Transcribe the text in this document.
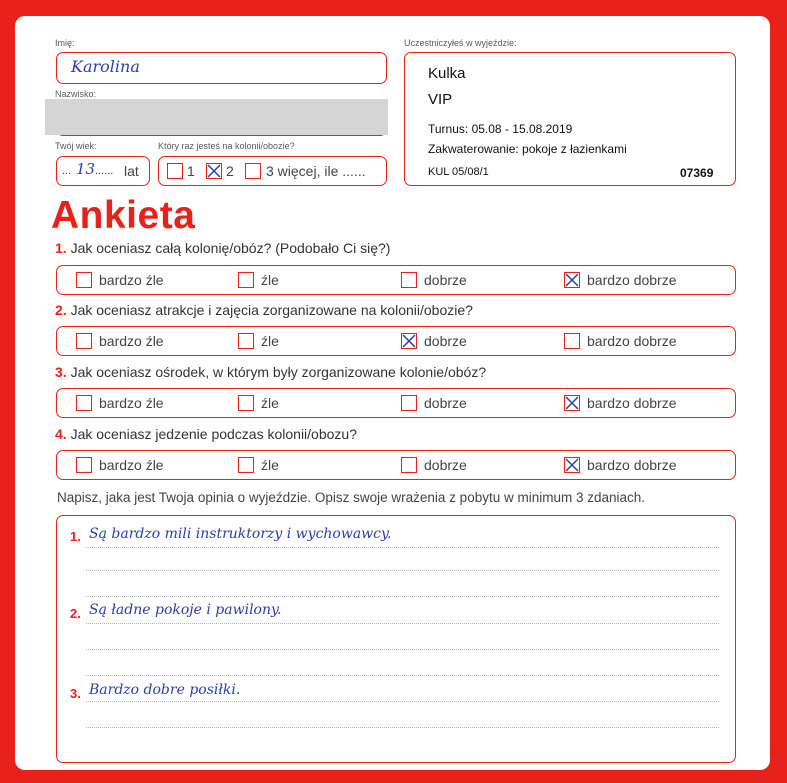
Imię:
Karolina
Nazwisko:
Twój wiek:
... 13 ...... lat
Który raz jesteś na kolonii/obozie?
1 2 3 więcej, ile ......
Uczestniczyłeś w wyjeździe:
Kulka
VIP
Turnus: 05.08 - 15.08.2019
Zakwaterowanie: pokoje z łazienkami
KUL 05/08/1	07369
Ankieta
1. Jak oceniasz całą kolonię/obóz? (Podobało Ci się?)
bardzo źle	źle	dobrze	bardzo dobrze
2. Jak oceniasz atrakcje i zajęcia zorganizowane na kolonii/obozie?
bardzo źle	źle	dobrze	bardzo dobrze
3. Jak oceniasz ośrodek, w którym były zorganizowane kolonie/obóz?
bardzo źle	źle	dobrze	bardzo dobrze
4. Jak oceniasz jedzenie podczas kolonii/obozu?
bardzo źle	źle	dobrze	bardzo dobrze
Napisz, jaka jest Twoja opinia o wyjeździe. Opisz swoje wrażenia z pobytu w minimum 3 zdaniach.
1. Są bardzo mili instruktorzy i wychowawcy.
2. Są ładne pokoje i pawilony.
3. Bardzo dobre posiłki.
